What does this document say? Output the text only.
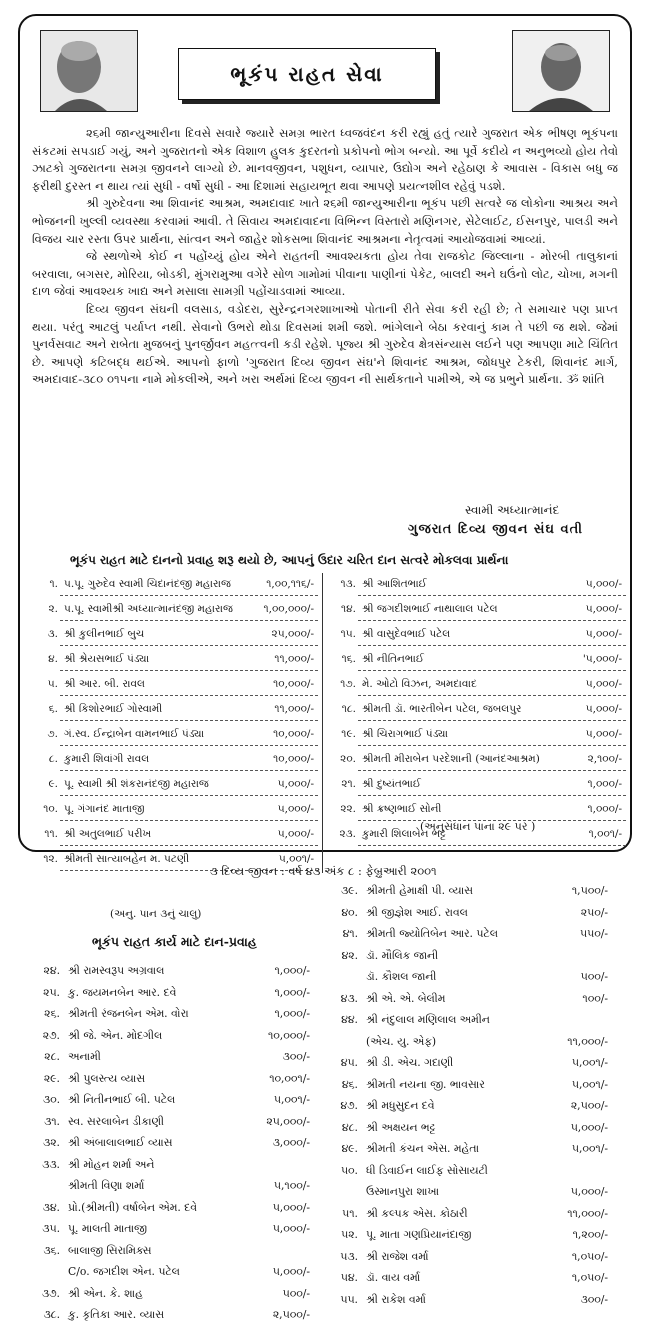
ભૂકંપ રાહત સેવા

૨૬મી જાન્યુઆરીના દિવસે સવારે જ્યારે સમગ્ર ભારત ધ્વજવંદન કરી રહ્યું હતું ત્યારે ગુજરાત એક ભીષણ ભૂકંપના સંકટમાં સપડાઈ ગયું, અને ગુજરાતનો એક વિશાળ હુલક કુદરતનો પ્રકોપનો ભોગ બન્યો. આ પૂર્વે કદીયે ન અનુભવ્યો હોય તેવો ઝાટકો ગુજરાતના સમગ્ર જીવનને લાગ્યો છે. માનવજીવન, પશુધન, વ્યાપાર, ઉદ્યોગ અને રહેઠાણ કે આવાસ - વિકાસ બધુ જ ફરીથી દુરસ્ત ન થાય ત્યાં સુધી - વર્ષો સુધી - આ દિશામાં સહાયભૂત થવા આપણે પ્રયત્નશીલ રહેવું પડશે.

શ્રી ગુરુદેવના આ શિવાનંદ આશ્રમ, અમદાવાદ ખાતે ૨૬મી જાન્યુઆરીના ભૂકંપ પછી સત્વરે જ લોકોના આશ્રય અને ભોજનની ખુલ્લી વ્યવસ્થા કરવામાં આવી. તે સિવાય અમદાવાદના વિભિન્ન વિસ્તારો મણિનગર, સેટેલાઈટ, ઈસનપુર, પાલડી અને વિજય ચાર રસ્તા ઉપર પ્રાર્થના, સાંત્વન અને જાહેર શોકસભા શિવાનંદ આશ્રમના નેતૃત્વમાં આયોજવામાં આવ્યાં.

જે સ્થળોએ કોઈ ન પહોંચ્યું હોય એને રાહતની આવશ્યકતા હોય તેવા રાજકોટ જિલ્લાના - મોરબી તાલુકાનાં બરવાલા, બગસર, મોરિયા, બોડકી, મુંગરામુઆ વગેરે સોળ ગામોમાં પીવાના પાણીનાં પેકેટ, બાલદી અને ઘઉંનો લોટ, ચોખા, મગની દાળ જેવાં આવશ્યક ખાદ્ય અને મસાલા સામગ્રી પહોંચાડવામાં આવ્યા.

દિવ્ય જીવન સંઘની વલસાડ, વડોદરા, સુરેન્દ્રનગરશાખાઓ પોતાની રીતે સેવા કરી રહી છે; તે સમાચાર પણ પ્રાપ્ત થયા. પરંતુ આટલું પર્યાપ્ત નથી. સેવાનો ઉભરો થોડા દિવસમાં શમી જશે. ભાંગેલાને બેઠા કરવાનું કામ તે પછી જ થશે. જેમાં પુનર્વસવાટ અને રાબેતા મુજબનું પુનર્જીવન મહત્ત્વની કડી રહેશે. પૂજ્ય શ્રી ગુરુદેવ ક્ષેત્રસંન્યાસ લઈને પણ આપણા માટે ચિંતિત છે. આપણે કટિબદ્ધ થઈએ. આપનો ફાળો 'ગુજરાત દિવ્ય જીવન સંઘ'ને શિવાનંદ આશ્રમ, જોધપુર ટેકરી, શિવાનંદ માર્ગ, અમદાવાદ-૩૮૦ ૦૧૫ના નામે મોકલીએ, અને ખરા અર્થમાં દિવ્ય જીવન ની સાર્થકતાને પામીએ, એ જ પ્રભુને પ્રાર્થના. ૐ શાંતિ

સ્વામી અધ્યાત્માનંદ
ગુજરાત દિવ્ય જીવન સંઘ વતી
ભૂકંપ રાહત માટે દાનનો પ્રવાહ શરૂ થયો છે, આપનું ઉદાર ચરિત દાન સત્વરે મોકલવા પ્રાર્થના
૧. પ.પૂ. ગુરુદેવ સ્વામી ચિદાનંદજી મહારાજ	૧,૦૦,૧૧૬/-
૨. પ.પૂ. સ્વામીશ્રી અધ્યાત્માનંદજી મહારાજ	૧,૦૦,૦૦૦/-
૩. શ્રી કુલીનભાઈ બુચ	૨૫,૦૦૦/-
૪. શ્રી શ્રેયસભાઈ પંડ્યા	૧૧,૦૦૦/-
૫. શ્રી આર. બી. રાવલ	૧૦,૦૦૦/-
૬. શ્રી કિશોરભાઈ ગોસ્વામી	૧૧,૦૦૦/-
૭. ગં.સ્વ. ઈન્દ્રાબેન વામનભાઈ પંડ્યા	૧૦,૦૦૦/-
૮. કુમારી શિવાંગી રાવલ	૧૦,૦૦૦/-
૯. પૂ. સ્વામી શ્રી શંકરાનંદજી મહારાજ	૫,૦૦૦/-
૧૦. પૂ. ગંગાનંદ માતાજી	૫,૦૦૦/-
૧૧. શ્રી અતુલભાઈ પરીખ	૫,૦૦૦/-
૧૨. શ્રીમતી સાત્યાબહેન મ. પટણી	૫,૦૦૧/-
૧૩. શ્રી આશિતભાઈ	૫,૦૦૦/-
૧૪. શ્રી જગદીશભાઈ નાથાલાલ પટેલ	૫,૦૦૦/-
૧૫. શ્રી વાસુદેવભાઈ પટેલ	૫,૦૦૦/-
૧૬. શ્રી નીતિનભાઈ	'૫,૦૦૦/-
૧૭. મે. ઓટો વિઝન, અમદાવાદ	૫,૦૦૦/-
૧૮. શ્રીમતી ડૉ. ભારતીબેન પટેલ, જબલપુર	૫,૦૦૦/-
૧૯. શ્રી ચિરાગભાઈ પંડ્યા	૫,૦૦૦/-
૨૦. શ્રીમતી મીરાબેન પરદેશાની (આનંદઆશ્રમ)	૨,૧૦૦/-
૨૧. શ્રી દુષ્યંતભાઈ	૧,૦૦૦/-
૨૨. શ્રી ક્રષ્ણભાઈ સોની	૧,૦૦૦/-
૨૩. કુમારી શિલાબેન ભટ્ટ	૧,૦૦૧/-
(અનુસંધાન પાના ૨૯ પર )
૩ દિવ્ય જીવન : વર્ષ ૪૩ અંક ૮ : ફેબ્રુઆરી ૨૦૦૧
(અનુ. પાન ૩નું ચાલુ)
ભૂકંપ રાહત કાર્ય માટે દાન-પ્રવાહ
૨૪. શ્રી રામસ્વરૂપ અગ્રવાલ	૧,૦૦૦/-
૨૫. કુ. જયમનબેન આર. દવે	૧,૦૦૦/-
૨૬. શ્રીમતી રંજનબેન એમ. વોરા	૧,૦૦૦/-
૨૭. શ્રી જે. એન. મોદગીલ	૧૦,૦૦૦/-
૨૮. અનામી	૩૦૦/-
૨૯. શ્રી પુલસ્ત્ય વ્યાસ	૧૦,૦૦૧/-
૩૦. શ્રી નિતીનભાઈ બી. પટેલ	૫,૦૦૧/-
૩૧. સ્વ. સરલાબેન ડીકાણી	૨૫,૦૦૦/-
૩૨. શ્રી અંબાલાલભાઈ વ્યાસ	૩,૦૦૦/-
૩૩. શ્રી મોહન શર્મા અને
શ્રીમતી વિણા શર્મા	૫,૧૦૦/-
૩૪. પ્રો.(શ્રીમતી) વર્ષાબેન એમ. દવે	૫,૦૦૦/-
૩૫. પૂ. માલતી માતાજી	૫,૦૦૦/-
૩૬. બાલાજી સિરામિક્સ
C/o. જગદીશ એન. પટેલ	૫,૦૦૦/-
૩૭. શ્રી એન. કે. શાહ	૫૦૦/-
૩૮. કુ. કૃતિકા આર. વ્યાસ	૨,૫૦૦/-
૩૯. શ્રીમતી હેમાક્ષી પી. વ્યાસ	૧,૫૦૦/-
૪૦. શ્રી જીજ્ઞેશ આઈ. રાવલ	૨૫૦/-
૪૧. શ્રીમતી જ્યોતિબેન આર. પટેલ	૫૫૦/-
૪૨. ડૉ. મૌલિક જાની
ડૉ. કૌશલ જાની	૫૦૦/-
૪૩. શ્રી એ. એ. બેલીમ	૧૦૦/-
૪૪. શ્રી નંદુલાલ મણિલાલ અમીન
(એચ. યુ. એફ)	૧૧,૦૦૦/-
૪૫. શ્રી ડી. એચ. ગદાણી	૫,૦૦૧/-
૪૬. શ્રીમતી નયના જી. ભાવસાર	૫,૦૦૧/-
૪૭. શ્રી મધુસુદન દવે	૨,૫૦૦/-
૪૮. શ્રી અક્ષયન ભટ્ટ	૫,૦૦૦/-
૪૯. શ્રીમતી કંચન એસ. મહેતા	૫,૦૦૧/-
૫૦. ધી ડિવાઈન લાઈફ સોસાયટી
ઉસ્માનપુરા શાખા	૫,૦૦૦/-
૫૧. શ્રી કલ્પક એસ. કોઠારી	૧૧,૦૦૦/-
૫૨. પૂ. માતા ગણપ્રિયાનંદાજી	૧,૨૦૦/-
૫૩. શ્રી રાજેશ વર્મા	૧,૦૫૦/-
૫૪. ડૉ. વાય વર્મા	૧,૦૫૦/-
૫૫. શ્રી રાકેશ વર્મા	૩૦૦/-
